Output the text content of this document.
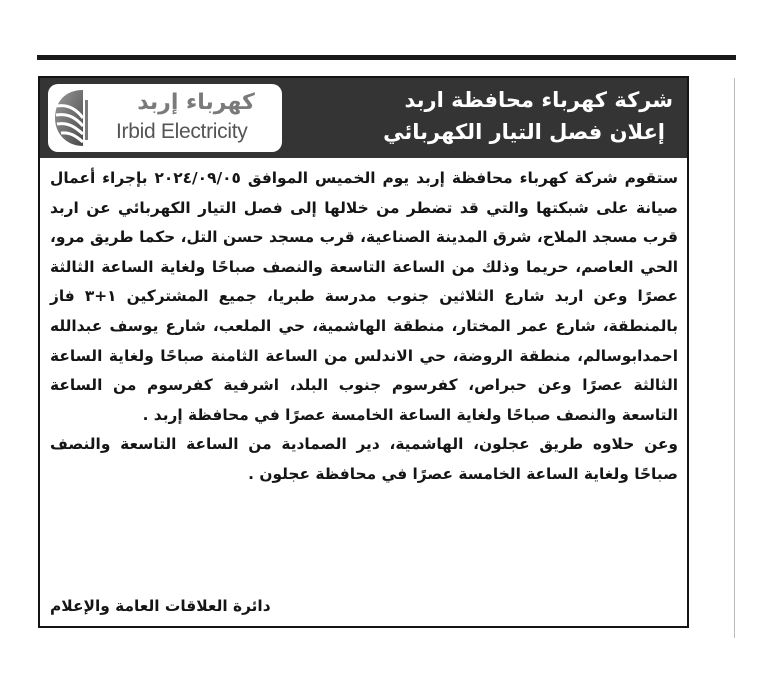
شركة كهرباء محافظة اربد
إعلان فصل التيار الكهربائي
كهرباء إربد
Irbid Electricity

ستقوم شركة كهرباء محافظة إربد يوم الخميس الموافق ٢٠٢٤/٠٩/٠٥ بإجراء أعمال صيانة على شبكتها والتي قد تضطر من خلالها إلى فصل التيار الكهربائي عن اربد قرب مسجد الملاح، شرق المدينة الصناعية، قرب مسجد حسن التل، حكما طريق مرو، الحي العاصم، حريما وذلك من الساعة التاسعة والنصف صباحًا ولغاية الساعة الثالثة عصرًا وعن اربد شارع الثلاثين جنوب مدرسة طبريا، جميع المشتركين ١+٣ فاز بالمنطقة، شارع عمر المختار، منطقة الهاشمية، حي الملعب، شارع يوسف عبدالله احمدابوسالم، منطقة الروضة، حي الاندلس من الساعة الثامنة صباحًا ولغاية الساعة الثالثة عصرًا وعن حبراص، كفرسوم جنوب البلد، اشرفية كفرسوم من الساعة التاسعة والنصف صباحًا ولغاية الساعة الخامسة عصرًا في محافظة إربد .

وعن حلاوه طريق عجلون، الهاشمية، دير الصمادية من الساعة التاسعة والنصف صباحًا ولغاية الساعة الخامسة عصرًا في محافظة عجلون .

دائرة العلاقات العامة والإعلام
